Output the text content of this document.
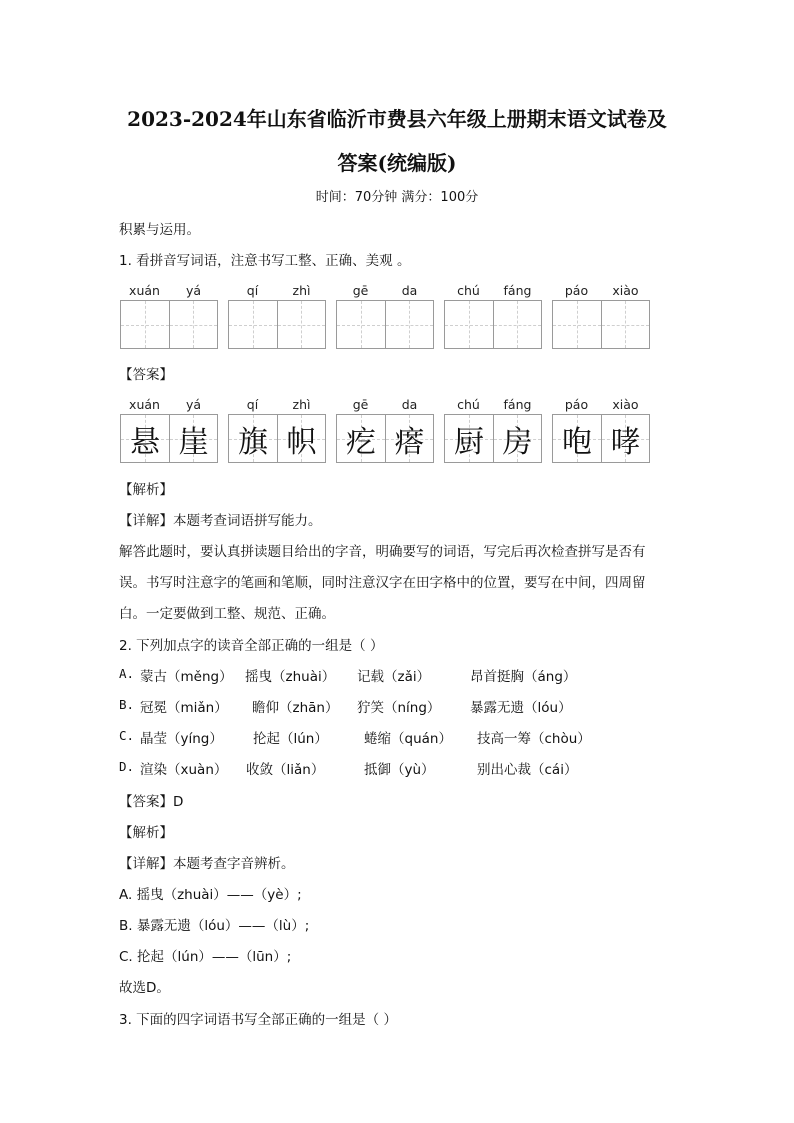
2023-2024年山东省临沂市费县六年级上册期末语文试卷及
答案(统编版)
时间：70分钟 满分：100分
积累与运用。
1. 看拼音写词语，注意书写工整、正确、美观 。
xuán	yá	qí	zhì	gē	da	chú	fáng	páo	xiào
【答案】
xuán	yá	qí	zhì	gē	da	chú	fáng	páo	xiào
悬 崖 旗 帜 疙 瘩 厨 房 咆 哮
【解析】
【详解】本题考查词语拼写能力。
解答此题时，要认真拼读题目给出的字音，明确要写的词语，写完后再次检查拼写是否有
误。书写时注意字的笔画和笔顺，同时注意汉字在田字格中的位置，要写在中间，四周留
白。一定要做到工整、规范、正确。
2. 下列加点字的读音全部正确的一组是（ ）
A. 蒙古（měng） 摇曳（zhuài） 记载（zǎi）	昂首挺胸（áng）
B. 冠冕（miǎn） 瞻仰（zhān） 狞笑（níng） 暴露无遗（lóu）
C. 晶莹（yíng） 抡起（lún）	蜷缩（quán） 技高一筹（chòu）
D. 渲染（xuàn） 收敛（liǎn）	抵御（yù）	别出心裁（cái）
【答案】D
【解析】
【详解】本题考查字音辨析。
A. 摇曳（zhuài）——（yè）;
B. 暴露无遗（lóu）——（lù）;
C. 抡起（lún）——（lūn）;
故选D。
3. 下面的四字词语书写全部正确的一组是（ ）
